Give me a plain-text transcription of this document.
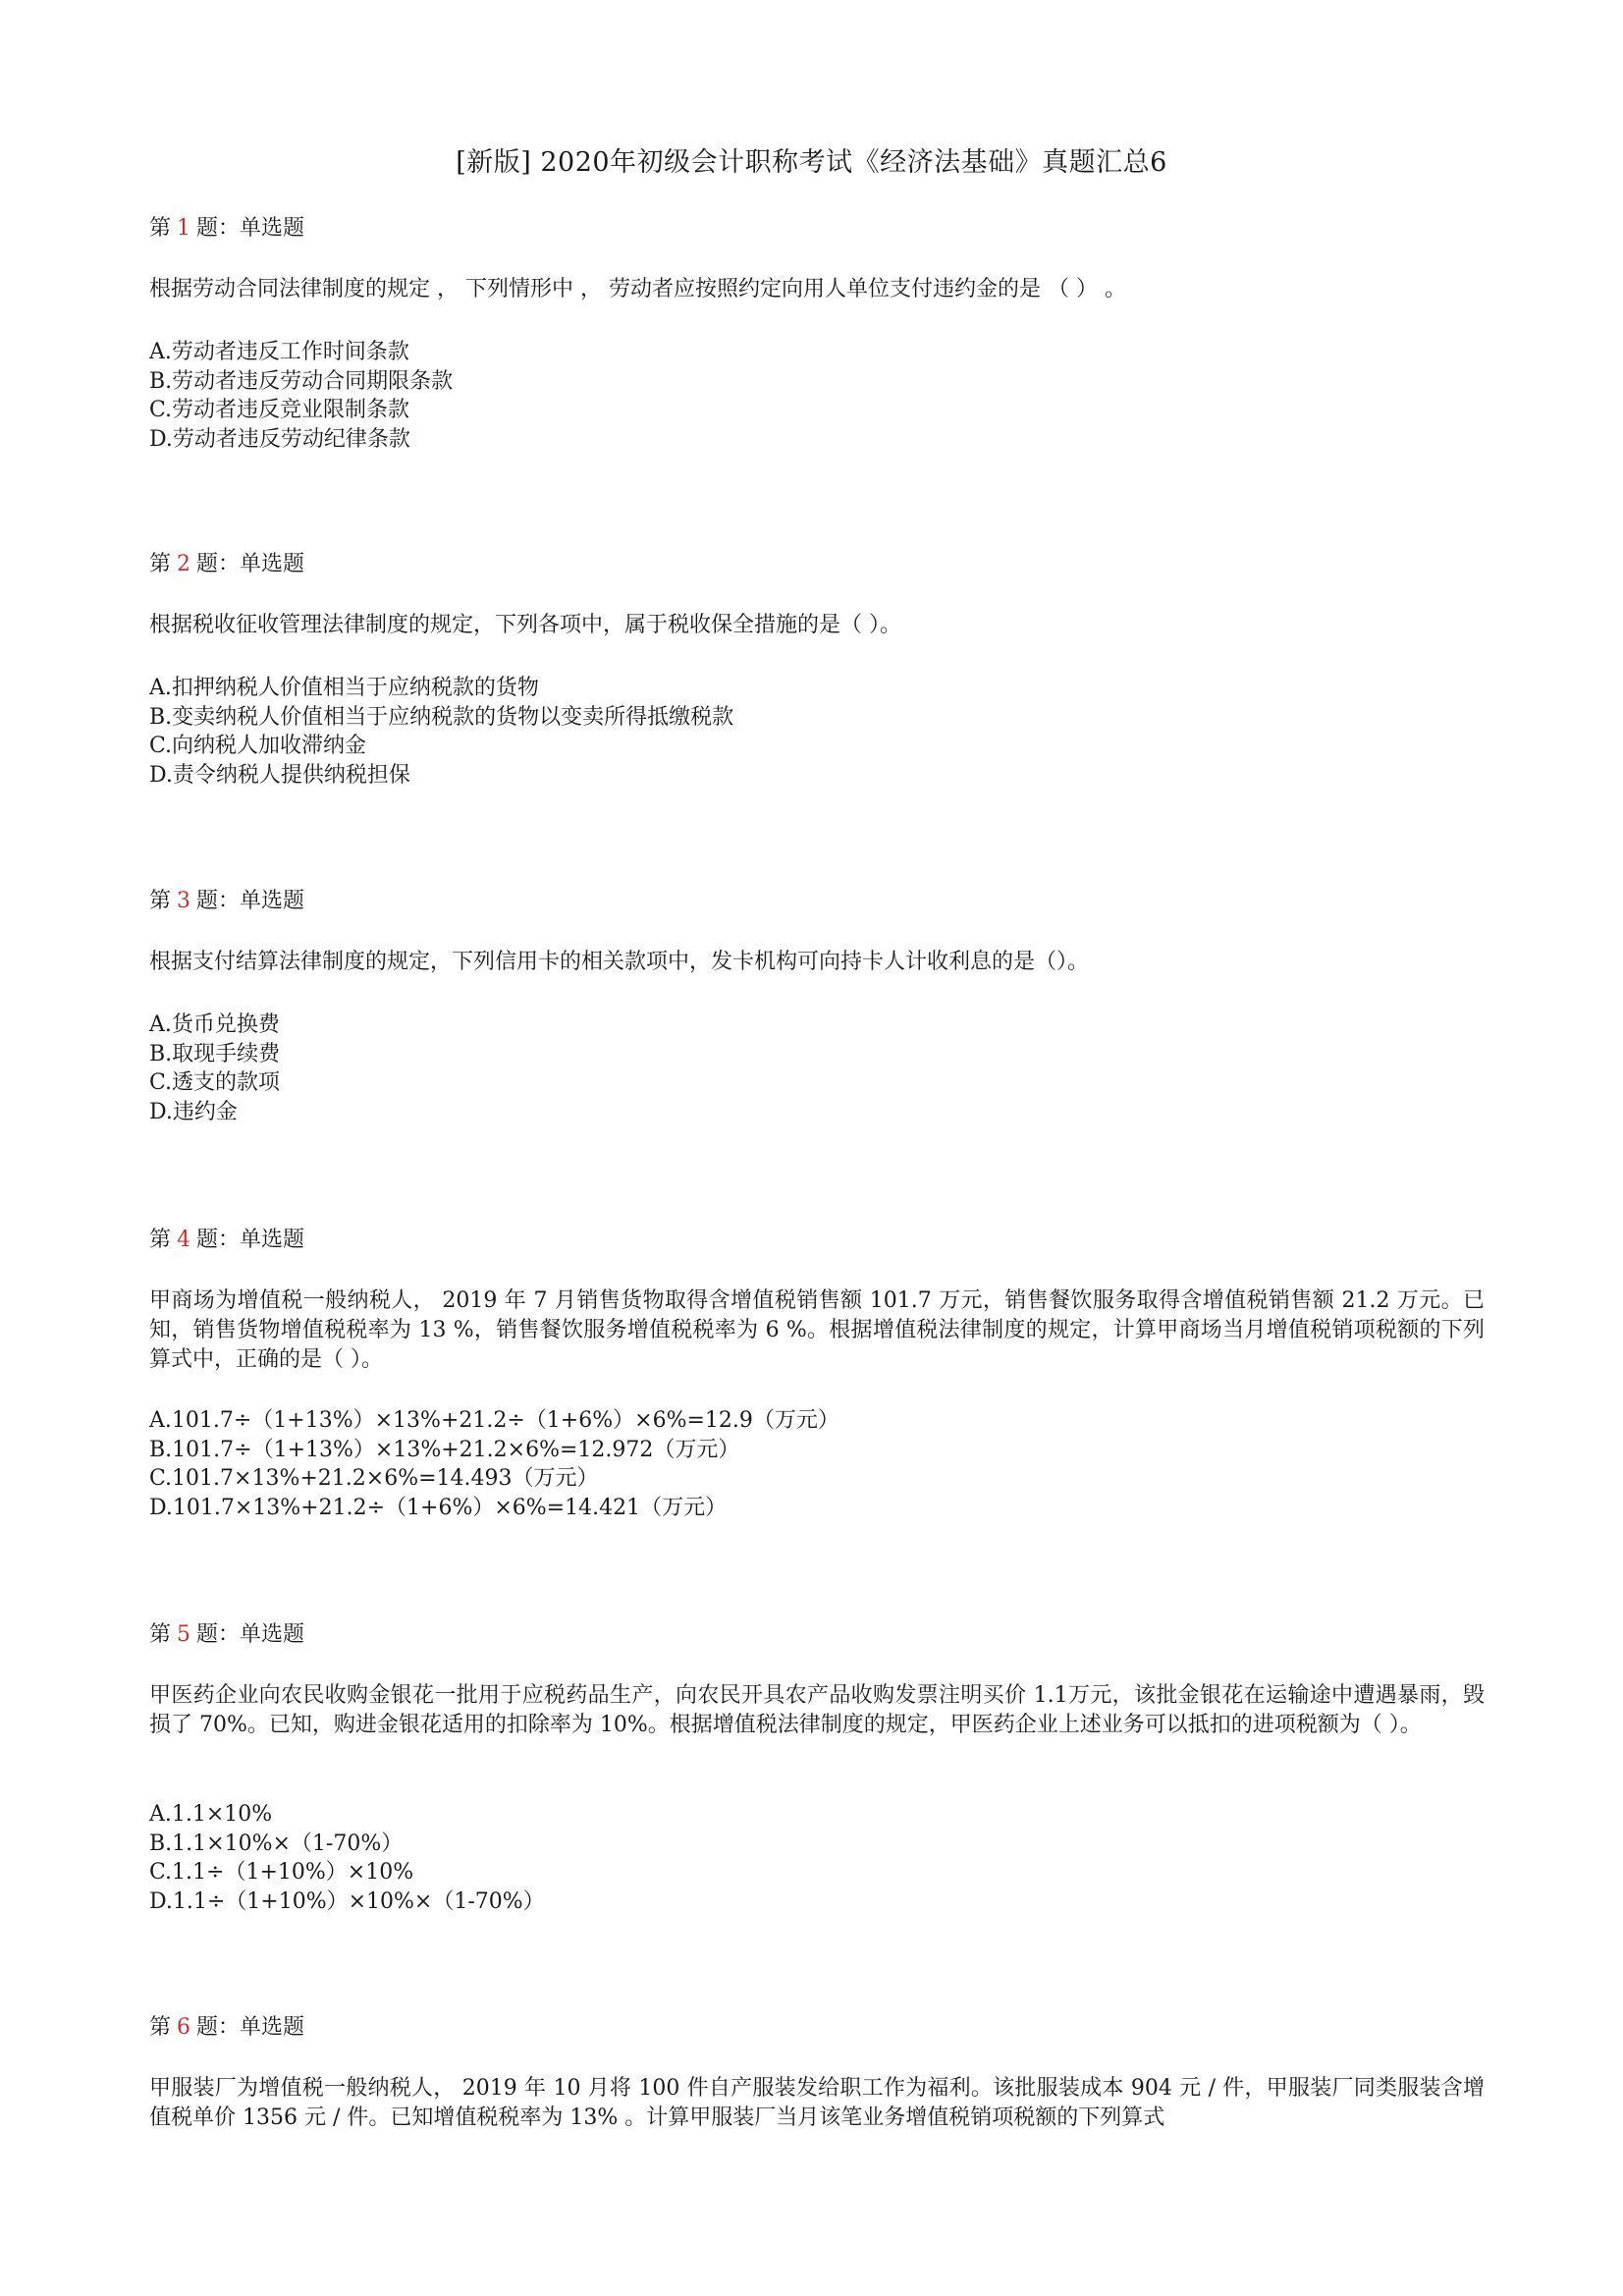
[新版] 2020年初级会计职称考试《经济法基础》真题汇总6
第 1 题：单选题
根据劳动合同法律制度的规定 ， 下列情形中 ， 劳动者应按照约定向用人单位支付违约金的是 （ ） 。
A.劳动者违反工作时间条款
B.劳动者违反劳动合同期限条款
C.劳动者违反竞业限制条款
D.劳动者违反劳动纪律条款
第 2 题：单选题
根据税收征收管理法律制度的规定，下列各项中，属于税收保全措施的是（ ）。
A.扣押纳税人价值相当于应纳税款的货物
B.变卖纳税人价值相当于应纳税款的货物以变卖所得抵缴税款
C.向纳税人加收滞纳金
D.责令纳税人提供纳税担保
第 3 题：单选题
根据支付结算法律制度的规定，下列信用卡的相关款项中，发卡机构可向持卡人计收利息的是（）。
A.货币兑换费
B.取现手续费
C.透支的款项
D.违约金
第 4 题：单选题
甲商场为增值税一般纳税人， 2019 年 7 月销售货物取得含增值税销售额 101.7 万元，销售餐饮服务取得含增值税销售额 21.2 万元。已知，销售货物增值税税率为 13 %，销售餐饮服务增值税税率为 6 %。根据增值税法律制度的规定，计算甲商场当月增值税销项税额的下列算式中，正确的是（ ）。
A.101.7÷（1+13%）×13%+21.2÷（1+6%）×6%=12.9（万元）
B.101.7÷（1+13%）×13%+21.2×6%=12.972（万元）
C.101.7×13%+21.2×6%=14.493（万元）
D.101.7×13%+21.2÷（1+6%）×6%=14.421（万元）
第 5 题：单选题
甲医药企业向农民收购金银花一批用于应税药品生产，向农民开具农产品收购发票注明买价 1.1万元，该批金银花在运输途中遭遇暴雨，毁损了 70%。已知，购进金银花适用的扣除率为 10%。根据增值税法律制度的规定，甲医药企业上述业务可以抵扣的进项税额为（ ）。
A.1.1×10%
B.1.1×10%×（1-70%）
C.1.1÷（1+10%）×10%
D.1.1÷（1+10%）×10%×（1-70%）
第 6 题：单选题
甲服装厂为增值税一般纳税人， 2019 年 10 月将 100 件自产服装发给职工作为福利。该批服装成本 904 元 / 件，甲服装厂同类服装含增值税单价 1356 元 / 件。已知增值税税率为 13% 。计算甲服装厂当月该笔业务增值税销项税额的下列算式
